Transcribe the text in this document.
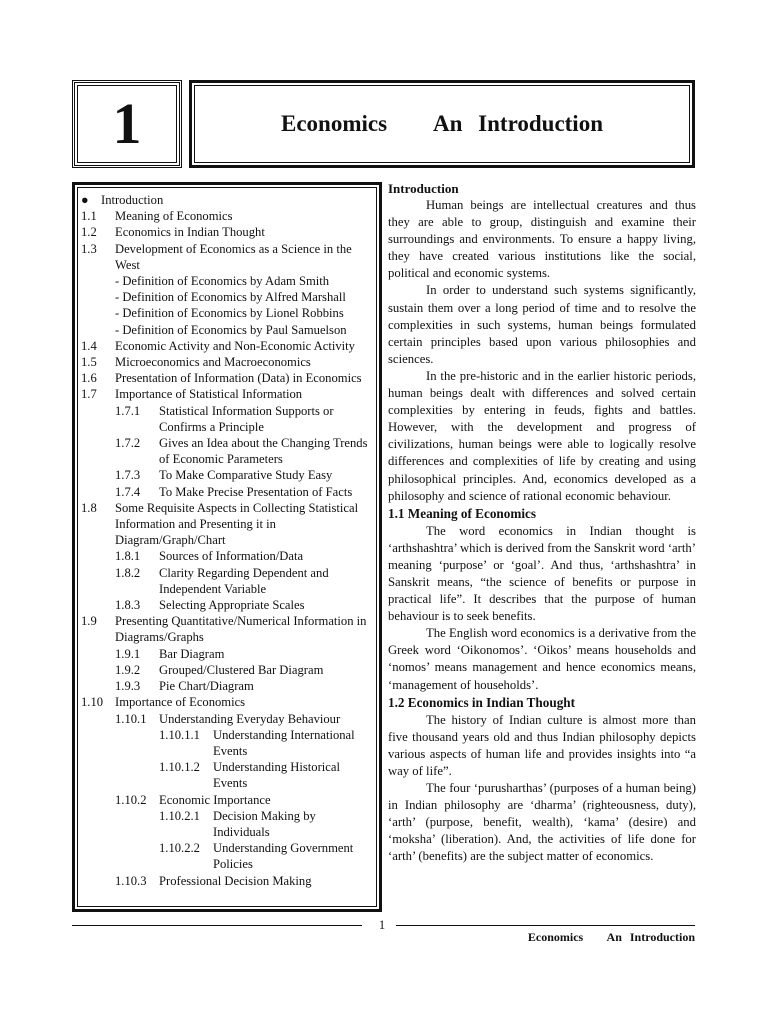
1	Economics   An Introduction
● Introduction
1.1	Meaning of Economics
1.2	Economics in Indian Thought
1.3	Development of Economics as a Science in the West
- Definition of Economics by Adam Smith
- Definition of Economics by Alfred Marshall
- Definition of Economics by Lionel Robbins
- Definition of Economics by Paul Samuelson
1.4	Economic Activity and Non-Economic Activity
1.5	Microeconomics and Macroeconomics
1.6	Presentation of Information (Data) in Economics
1.7	Importance of Statistical Information
1.7.1	Statistical Information Supports or Confirms a Principle
1.7.2	Gives an Idea about the Changing Trends of Economic Parameters
1.7.3	To Make Comparative Study Easy
1.7.4	To Make Precise Presentation of Facts
1.8	Some Requisite Aspects in Collecting Statistical Information and Presenting it in Diagram/Graph/Chart
1.8.1	Sources of Information/Data
1.8.2	Clarity Regarding Dependent and Independent Variable
1.8.3	Selecting Appropriate Scales
1.9	Presenting Quantitative/Numerical Information in Diagrams/Graphs
1.9.1	Bar Diagram
1.9.2	Grouped/Clustered Bar Diagram
1.9.3	Pie Chart/Diagram
1.10 Importance of Economics
1.10.1 Understanding Everyday Behaviour
1.10.1.1	Understanding International Events
1.10.1.2	Understanding Historical Events
1.10.2 Economic Importance
1.10.2.1	Decision Making by Individuals
1.10.2.2	Understanding Government Policies
1.10.3 Professional Decision Making
Introduction

Human beings are intellectual creatures and thus they are able to group, distinguish and examine their surroundings and environments. To ensure a happy living, they have created various institutions like the social, political and economic systems.

In order to understand such systems significantly, sustain them over a long period of time and to resolve the complexities in such systems, human beings formulated certain principles based upon various philosophies and sciences.

In the pre-historic and in the earlier historic periods, human beings dealt with differences and solved certain complexities by entering in feuds, fights and battles. However, with the development and progress of civilizations, human beings were able to logically resolve differences and complexities of life by creating and using philosophical principles. And, economics developed as a philosophy and science of rational economic behaviour.

1.1 Meaning of Economics

The word economics in Indian thought is ‘arthshashtra’ which is derived from the Sanskrit word ‘arth’ meaning ‘purpose’ or ‘goal’. And thus, ‘arthshashtra’ in Sanskrit means, “the science of benefits or purpose in practical life”. It describes that the purpose of human behaviour is to seek benefits.

The English word economics is a derivative from the Greek word ‘Oikonomos’. ‘Oikos’ means households and ‘nomos’ means management and hence economics means, ‘management of households’.

1.2 Economics in Indian Thought

The history of Indian culture is almost more than five thousand years old and thus Indian philosophy depicts various aspects of human life and provides insights into “a way of life”.

The four ‘purusharthas’ (purposes of a human being) in Indian philosophy are ‘dharma’ (righteousness, duty), ‘arth’ (purpose, benefit, wealth), ‘kama’ (desire) and ‘moksha’ (liberation). And, the activities of life done for ‘arth’ (benefits) are the subject matter of economics.

1
Economics   An Introduction
